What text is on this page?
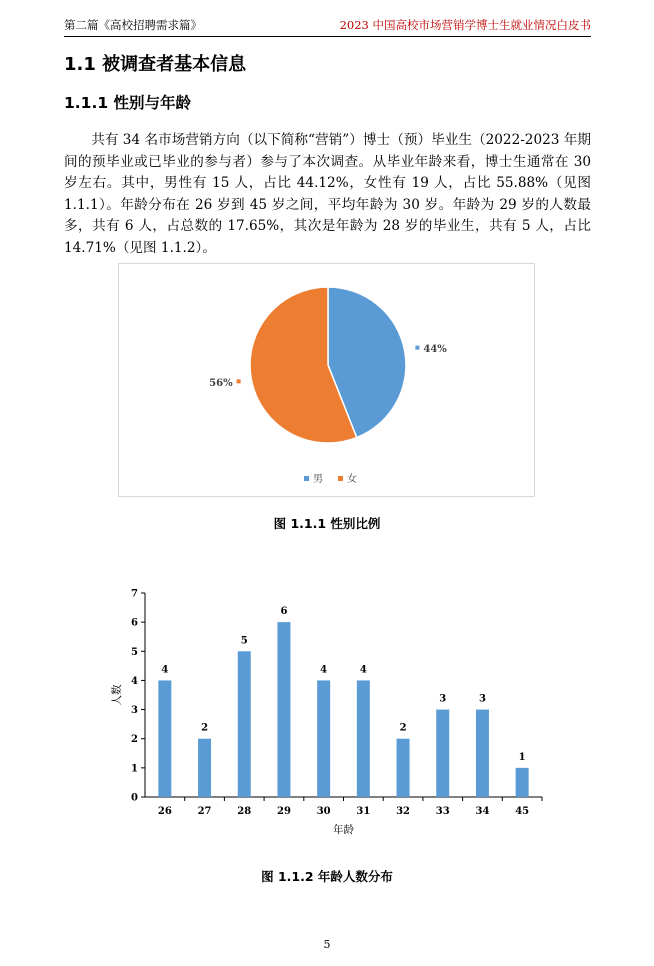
第二篇《高校招聘需求篇》	2023 中国高校市场营销学博士生就业情况白皮书
1.1 被调查者基本信息
1.1.1 性别与年龄
共有 34 名市场营销方向（以下简称“营销”）博士（预）毕业生（2022-2023 年期间的预毕业或已毕业的参与者）参与了本次调查。从毕业年龄来看，博士生通常在 30 岁左右。其中，男性有 15 人，占比 44.12%，女性有 19 人，占比 55.88%（见图 1.1.1）。年龄分布在 26 岁到 45 岁之间，平均年龄为 30 岁。年龄为 29 岁的人数最多，共有 6 人，占总数的 17.65%，其次是年龄为 28 岁的毕业生，共有 5 人，占比 14.71%（见图 1.1.2）。
44%
56%
男 女
图 1.1.1 性别比例
0
1
2
3
4
5
6
7
4
26
2
27
5
28
6
29
4
30
4
31
2
32
3
33
3
34
1
45
年龄
人数
图 1.1.2 年龄人数分布
5
